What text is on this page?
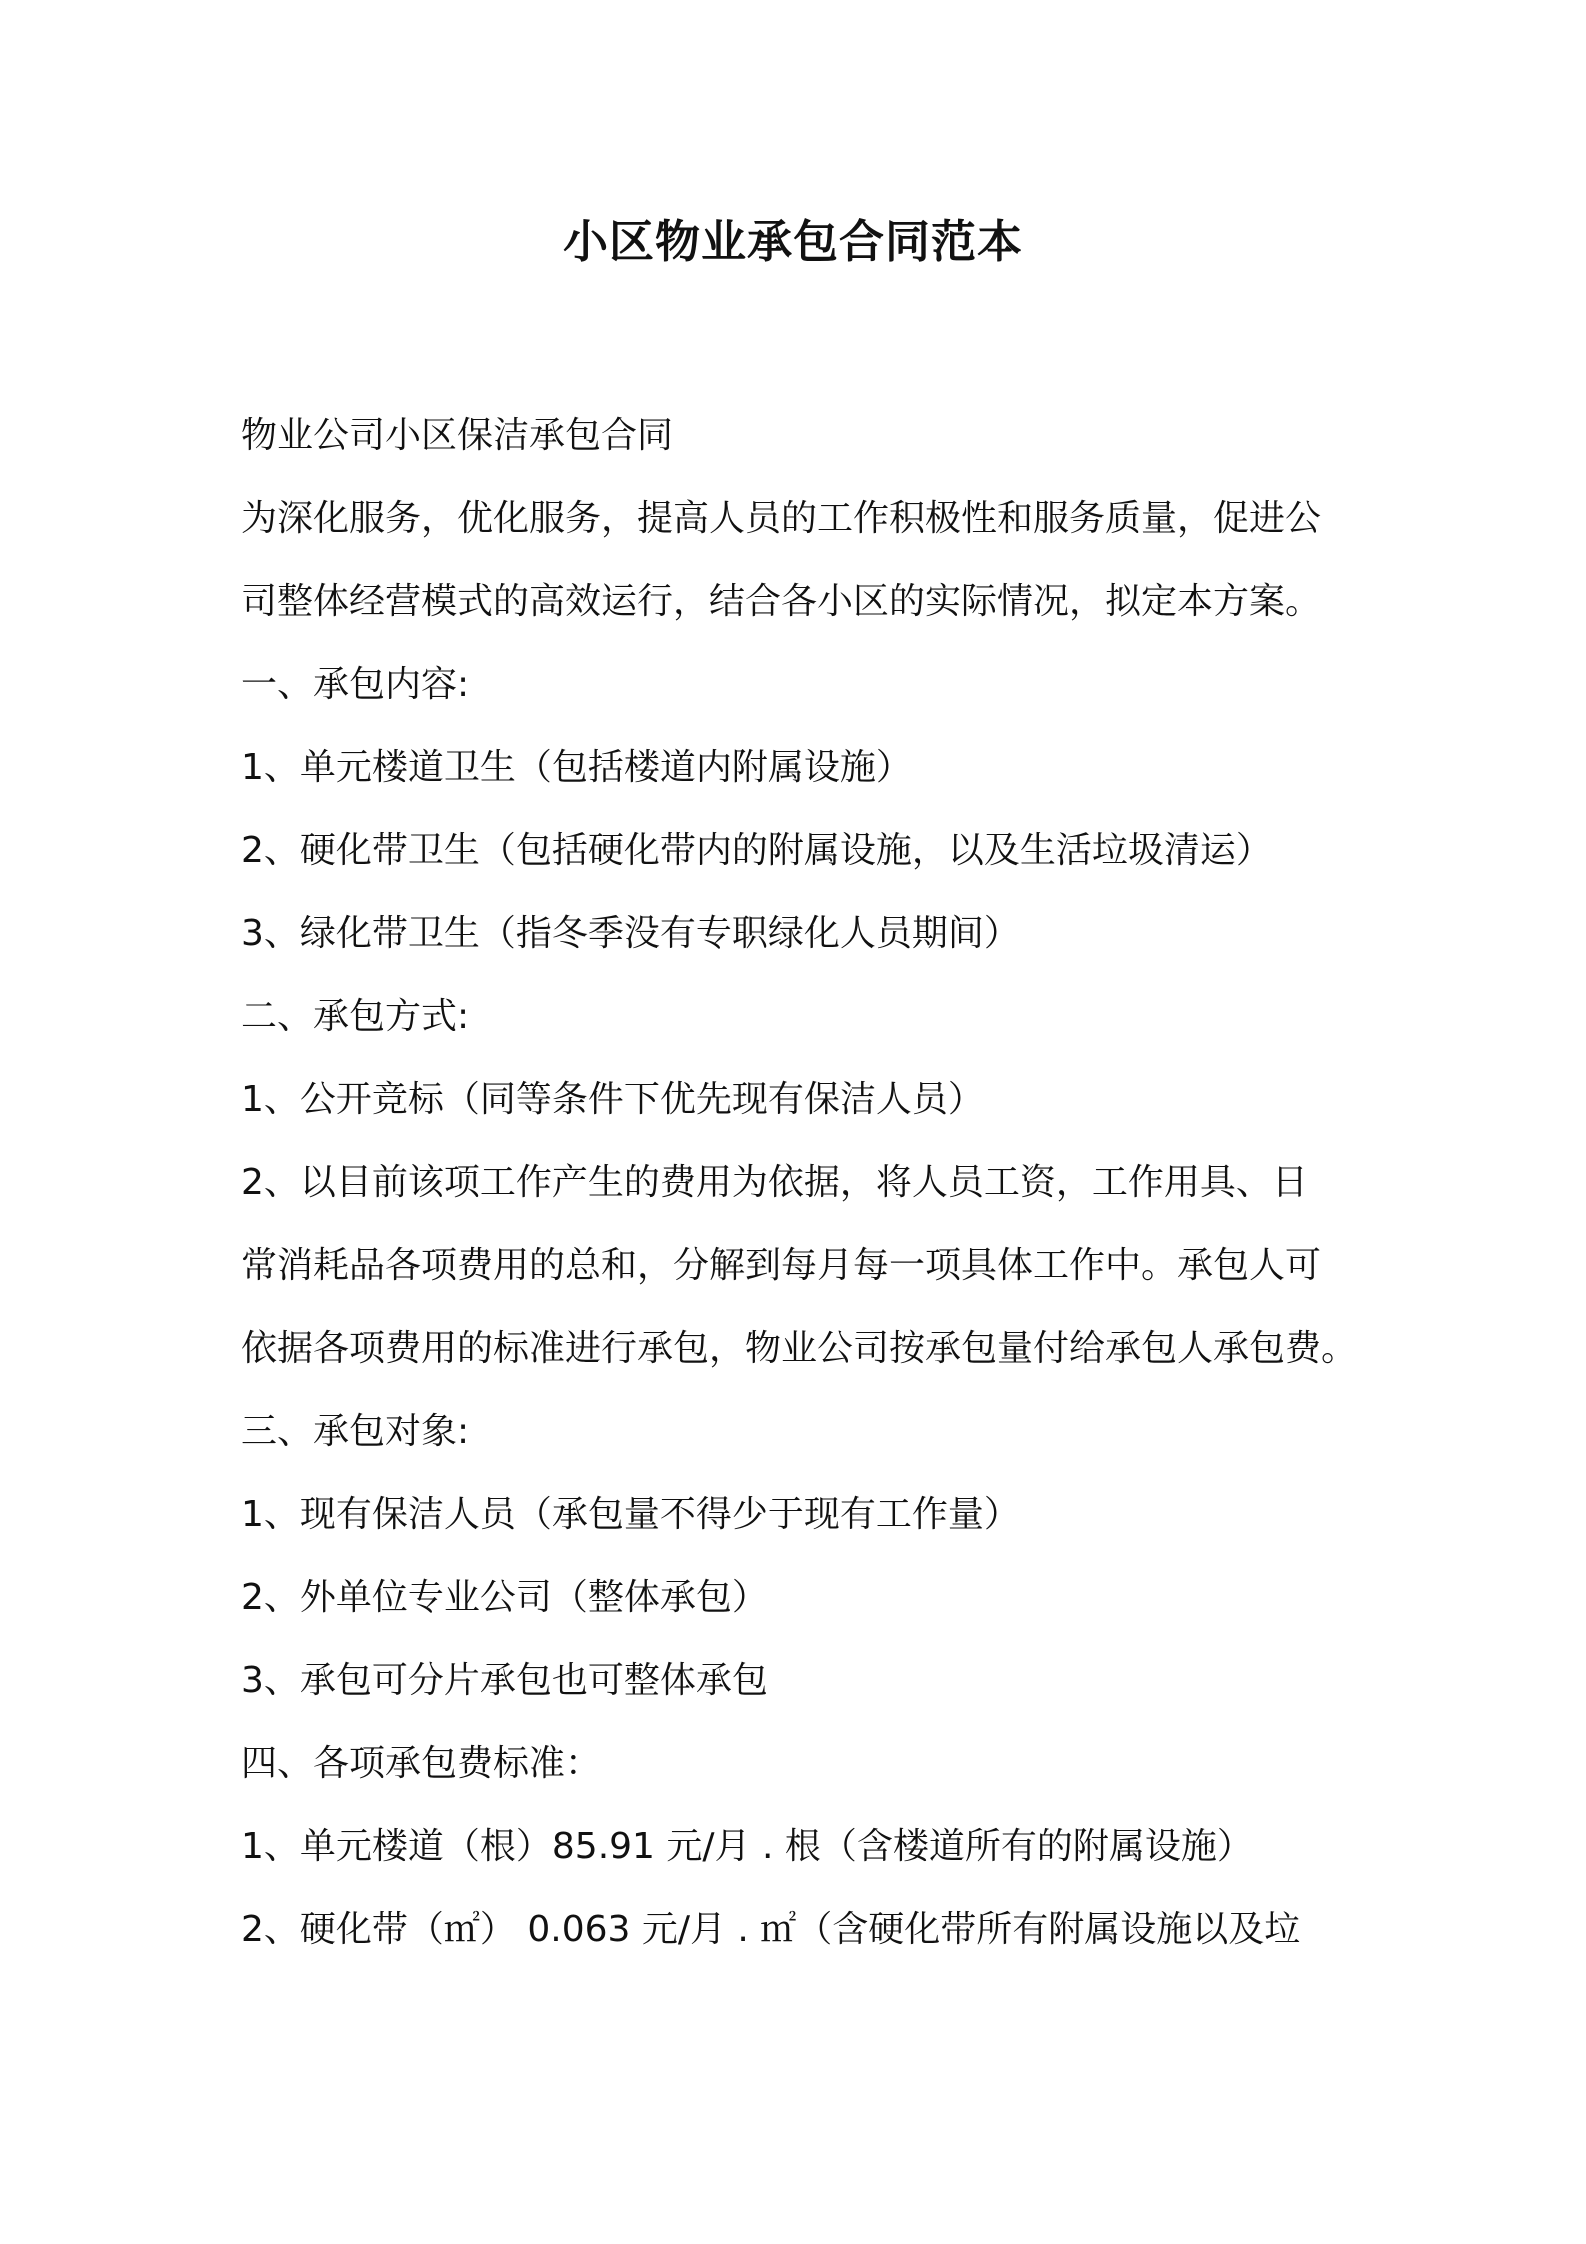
小区物业承包合同范本
物业公司小区保洁承包合同
为深化服务，优化服务，提高人员的工作积极性和服务质量，促进公
司整体经营模式的高效运行，结合各小区的实际情况，拟定本方案。
一、承包内容:
1、单元楼道卫生（包括楼道内附属设施）
2、硬化带卫生（包括硬化带内的附属设施，以及生活垃圾清运）
3、绿化带卫生（指冬季没有专职绿化人员期间）
二、承包方式:
1、公开竞标（同等条件下优先现有保洁人员）
2、以目前该项工作产生的费用为依据，将人员工资，工作用具、日
常消耗品各项费用的总和，分解到每月每一项具体工作中。承包人可
依据各项费用的标准进行承包，物业公司按承包量付给承包人承包费。
三、承包对象:
1、现有保洁人员（承包量不得少于现有工作量）
2、外单位专业公司（整体承包）
3、承包可分片承包也可整体承包
四、各项承包费标准：
1、单元楼道（根）85.91 元/月 . 根（含楼道所有的附属设施）
2、硬化带（㎡） 0.063 元/月 . ㎡（含硬化带所有附属设施以及垃
